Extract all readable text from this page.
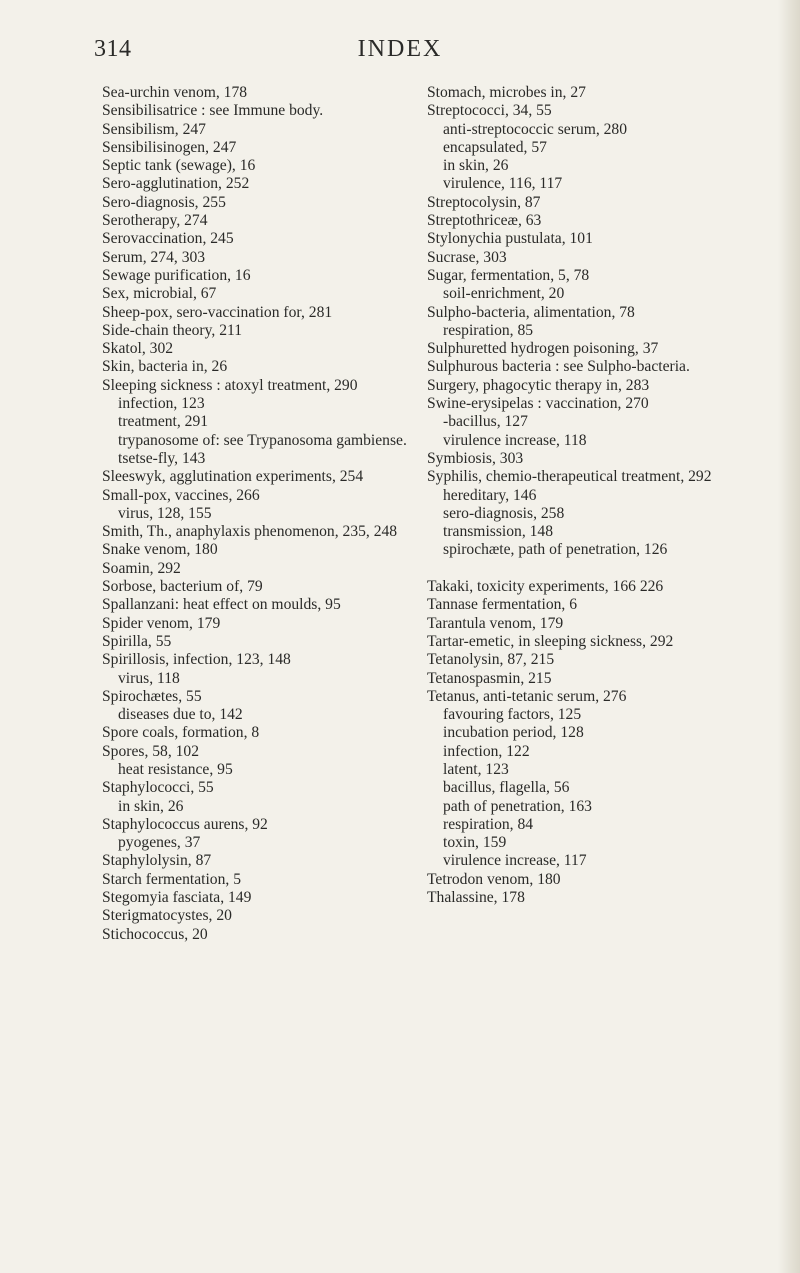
INDEX
314

Sea-urchin venom, 178

Sensibilisatrice : see Immune body.

Sensibilism, 247

Sensibilisinogen, 247

Septic tank (sewage), 16

Sero-agglutination, 252

Sero-diagnosis, 255

Serotherapy, 274

Serovaccination, 245

Serum, 274, 303

Sewage purification, 16

Sex, microbial, 67

Sheep-pox, sero-vaccination for, 281

Side-chain theory, 211

Skatol, 302

Skin, bacteria in, 26

Sleeping sickness : atoxyl treatment, 290

infection, 123

treatment, 291

trypanosome of: see Trypanosoma gambiense.

tsetse-fly, 143

Sleeswyk, agglutination experiments, 254

Small-pox, vaccines, 266

virus, 128, 155

Smith, Th., anaphylaxis phenomenon, 235, 248

Snake venom, 180

Soamin, 292

Sorbose, bacterium of, 79

Spallanzani: heat effect on moulds, 95

Spider venom, 179

Spirilla, 55

Spirillosis, infection, 123, 148

virus, 118

Spirochætes, 55

diseases due to, 142

Spore coals, formation, 8

Spores, 58, 102

heat resistance, 95

Staphylococci, 55

in skin, 26

Staphylococcus aurens, 92

pyogenes, 37

Staphylolysin, 87

Starch fermentation, 5

Stegomyia fasciata, 149

Sterigmatocystes, 20

Stichococcus, 20

Stomach, microbes in, 27

Streptococci, 34, 55

anti-streptococcic serum, 280

encapsulated, 57

in skin, 26

virulence, 116, 117

Streptocolysin, 87

Streptothriceæ, 63

Stylonychia pustulata, 101

Sucrase, 303

Sugar, fermentation, 5, 78

soil-enrichment, 20

Sulpho-bacteria, alimentation, 78

respiration, 85

Sulphuretted hydrogen poisoning, 37

Sulphurous bacteria : see Sulpho-bacteria.

Surgery, phagocytic therapy in, 283

Swine-erysipelas : vaccination, 270

-bacillus, 127

virulence increase, 118

Symbiosis, 303

Syphilis, chemio-therapeutical treatment, 292

hereditary, 146

sero-diagnosis, 258

transmission, 148

spirochæte, path of penetration, 126

Takaki, toxicity experiments, 166 226

Tannase fermentation, 6

Tarantula venom, 179

Tartar-emetic, in sleeping sickness, 292

Tetanolysin, 87, 215

Tetanospasmin, 215

Tetanus, anti-tetanic serum, 276

favouring factors, 125

incubation period, 128

infection, 122

latent, 123

bacillus, flagella, 56

path of penetration, 163

respiration, 84

toxin, 159

virulence increase, 117

Tetrodon venom, 180

Thalassine, 178
